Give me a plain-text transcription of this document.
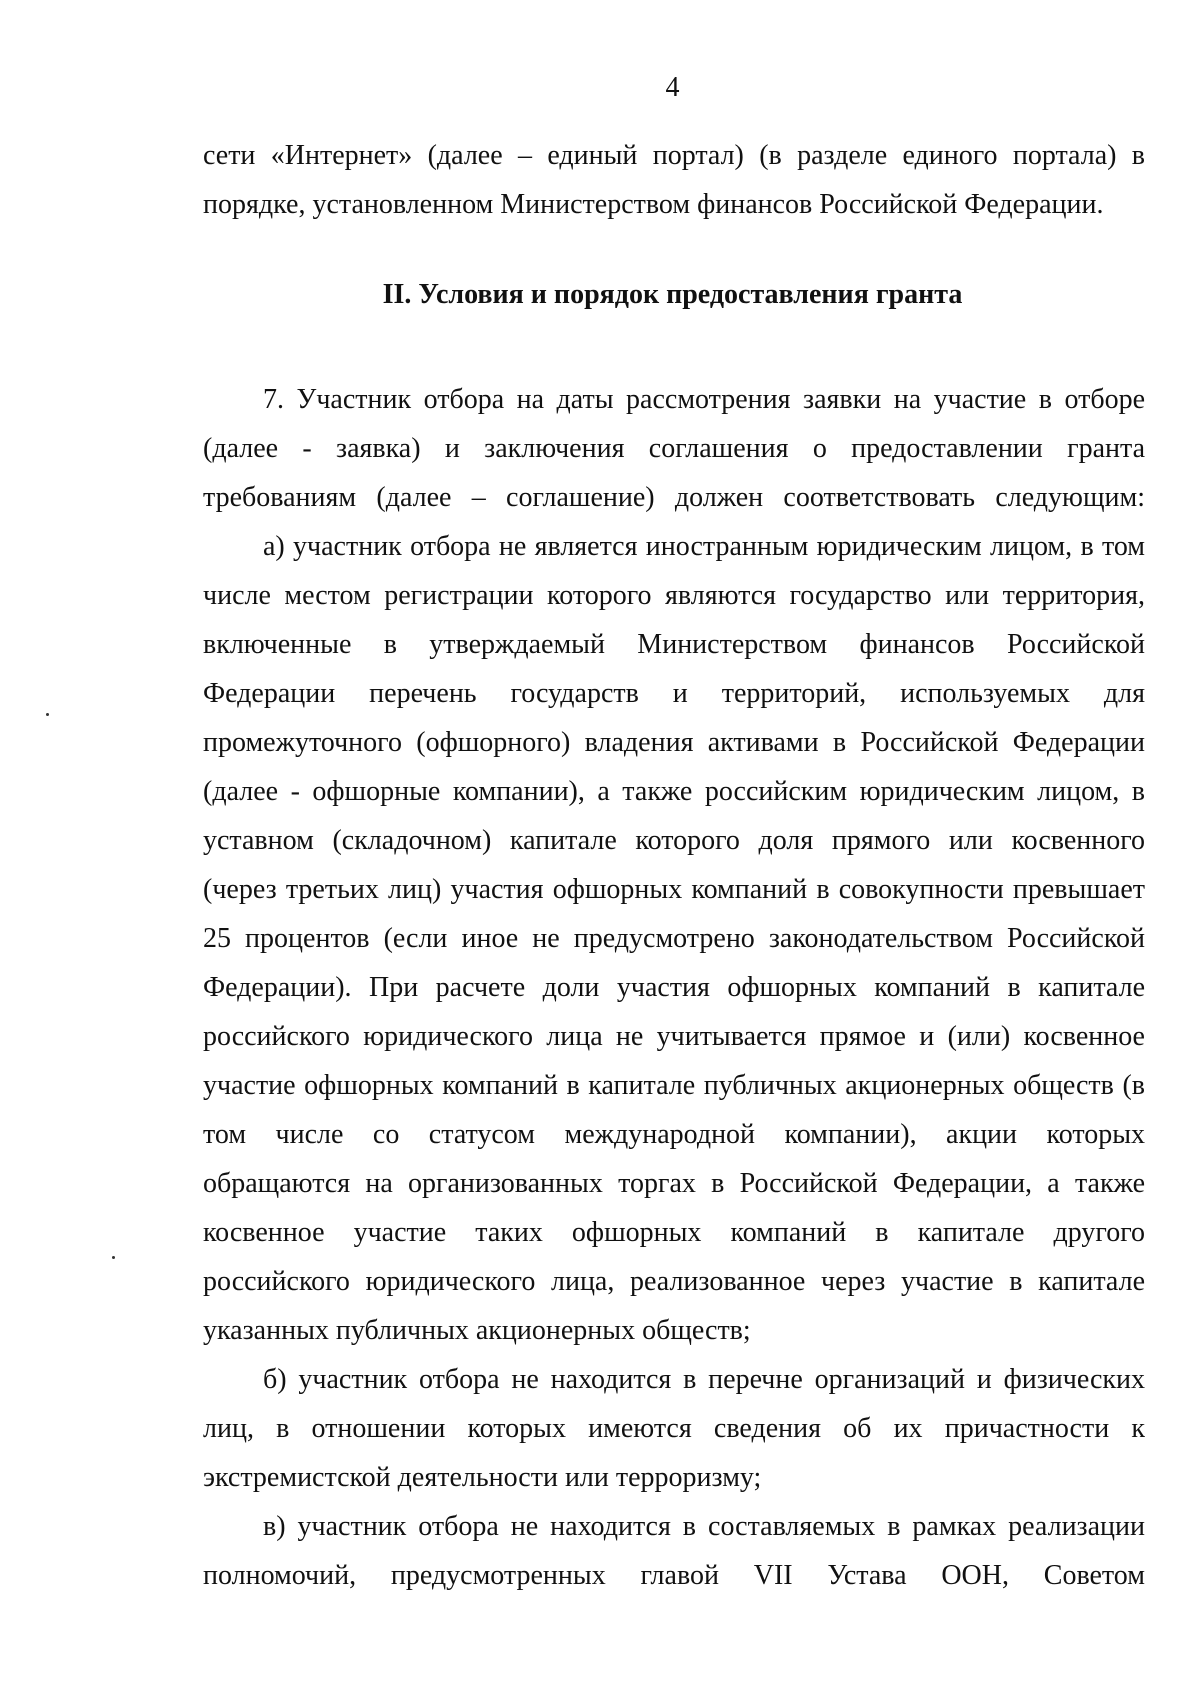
4
сети «Интернет» (далее – единый портал) (в разделе единого портала) в
порядке, установленном Министерством финансов Российской Федерации.
II. Условия и порядок предоставления гранта
7. Участник отбора на даты рассмотрения заявки на участие в отборе
(далее - заявка) и заключения соглашения о предоставлении гранта
требованиям (далее – соглашение) должен соответствовать следующим:
а) участник отбора не является иностранным юридическим лицом, в том
числе местом регистрации которого являются государство или территория,
включенные в утверждаемый Министерством финансов Российской
Федерации перечень государств и территорий, используемых для
промежуточного (офшорного) владения активами в Российской Федерации
(далее - офшорные компании), а также российским юридическим лицом, в
уставном (складочном) капитале которого доля прямого или косвенного
(через третьих лиц) участия офшорных компаний в совокупности превышает
25 процентов (если иное не предусмотрено законодательством Российской
Федерации). При расчете доли участия офшорных компаний в капитале
российского юридического лица не учитывается прямое и (или) косвенное
участие офшорных компаний в капитале публичных акционерных обществ (в
том числе со статусом международной компании), акции которых
обращаются на организованных торгах в Российской Федерации, а также
косвенное участие таких офшорных компаний в капитале другого
российского юридического лица, реализованное через участие в капитале
указанных публичных акционерных обществ;
б) участник отбора не находится в перечне организаций и физических
лиц, в отношении которых имеются сведения об их причастности к
экстремистской деятельности или терроризму;
в) участник отбора не находится в составляемых в рамках реализации
полномочий, предусмотренных главой VII Устава ООН, Советом
